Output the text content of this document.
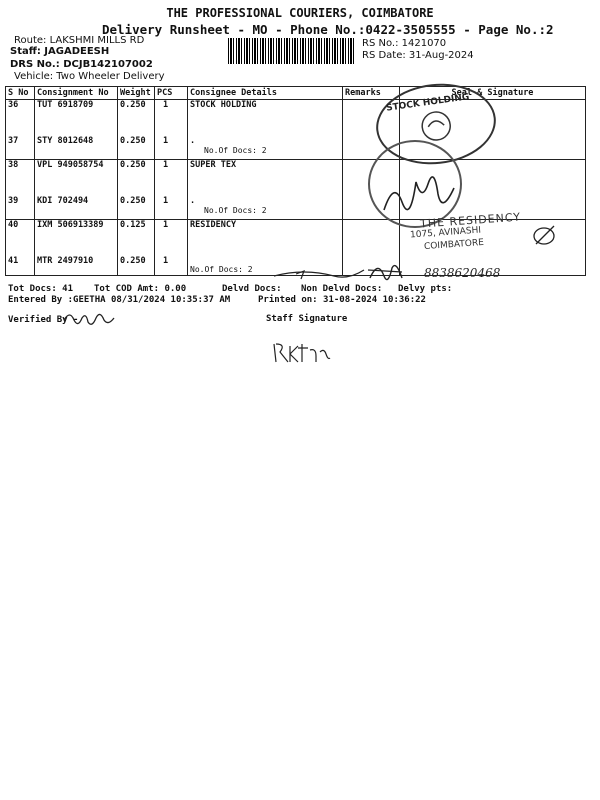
THE PROFESSIONAL COURIERS, COIMBATORE
Delivery Runsheet - MO - Phone No.:0422-3505555 - Page No.:2
Route: LAKSHMI MILLS RD
Staff: JAGADEESH
DRS No.: DCJB142107002
Vehicle: Two Wheeler Delivery
RS No.: 1421070
RS Date: 31-Aug-2024
S No	Consignment No	Weight	PCS	Consignee Details	Remarks	Seal & Signature
36	TUT 6918709	0.250	1	STOCK HOLDING		
37	STY 8012648	0.250	1	.
No.Of Docs: 2		

38	VPL 949058754	0.250	1	SUPER TEX		
39	KDI 702494	0.250	1	.
No.Of Docs: 2		

40	IXM 506913389	0.125	1	RESIDENCY		
41	MTR 2497910	0.250	1	No.Of Docs: 2		

Tot Docs: 41 Tot COD Amt: 0.00	Delvd Docs: Non Delvd Docs: Delvy pts:
Entered By :GEETHA 08/31/2024 10:35:37 AM	Printed on: 31-08-2024 10:36:22
Verified By -	Staff Signature
STOCK HOLDING
THE RESIDENCY
1075, AVINASHI
COIMBATORE
8838620468
